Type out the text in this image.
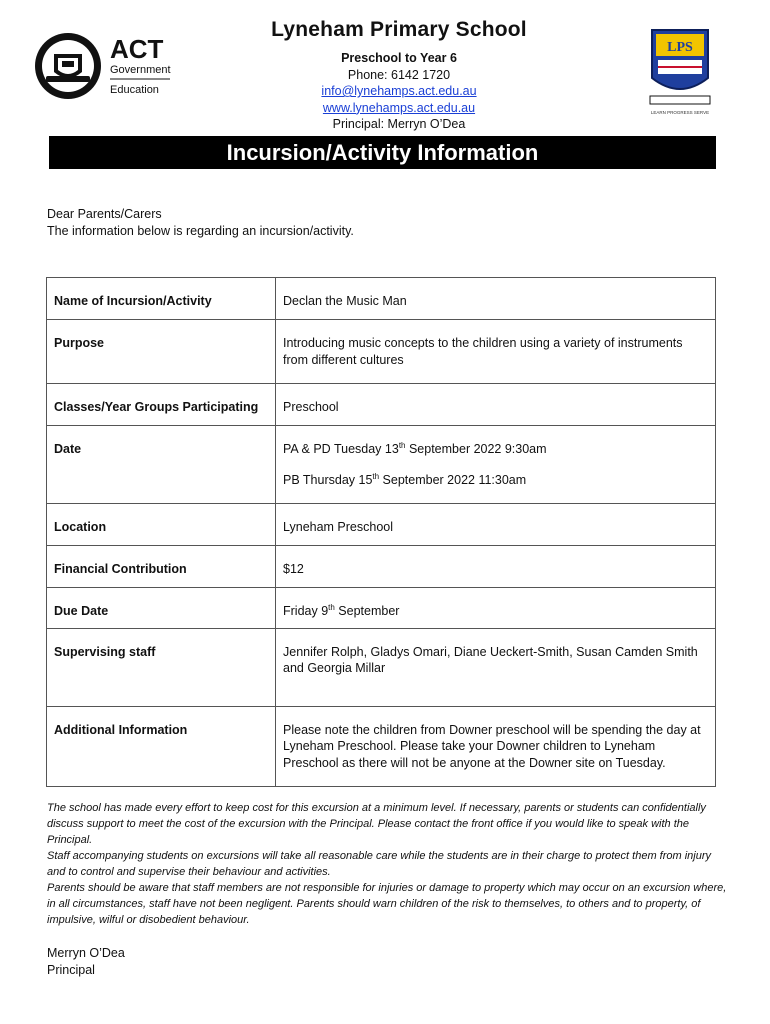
ACT
Government
Education
Lyneham Primary School
Preschool to Year 6
Phone: 6142 1720
info@lynehamps.act.edu.au
www.lynehamps.act.edu.au
Principal: Merryn O’Dea
LPS
LEARN PROGRESS SERVE
Incursion/Activity Information
Dear Parents/Carers
The information below is regarding an incursion/activity.
Name of Incursion/Activity	Declan the Music Man
Purpose	Introducing music concepts to the children using a variety of instruments from different cultures
Classes/Year Groups Participating	Preschool
Date	PA & PD Tuesday 13th September 2022 9:30am
PB Thursday 15th September 2022 11:30am

Location	Lyneham Preschool
Financial Contribution	$12
Due Date	Friday 9th September
Supervising staff	Jennifer Rolph, Gladys Omari, Diane Ueckert-Smith, Susan Camden Smith and Georgia Millar
Additional Information	Please note the children from Downer preschool will be spending the day at Lyneham Preschool. Please take your Downer children to Lyneham Preschool as there will not be anyone at the Downer site on Tuesday.

The school has made every effort to keep cost for this excursion at a minimum level. If necessary, parents or students can confidentially discuss support to meet the cost of the excursion with the Principal. Please contact the front office if you would like to speak with the Principal.

Staff accompanying students on excursions will take all reasonable care while the students are in their charge to protect them from injury and to control and supervise their behaviour and activities.

Parents should be aware that staff members are not responsible for injuries or damage to property which may occur on an excursion where, in all circumstances, staff have not been negligent. Parents should warn children of the risk to themselves, to others and to property, of impulsive, wilful or disobedient behaviour.

Merryn O’Dea
Principal
